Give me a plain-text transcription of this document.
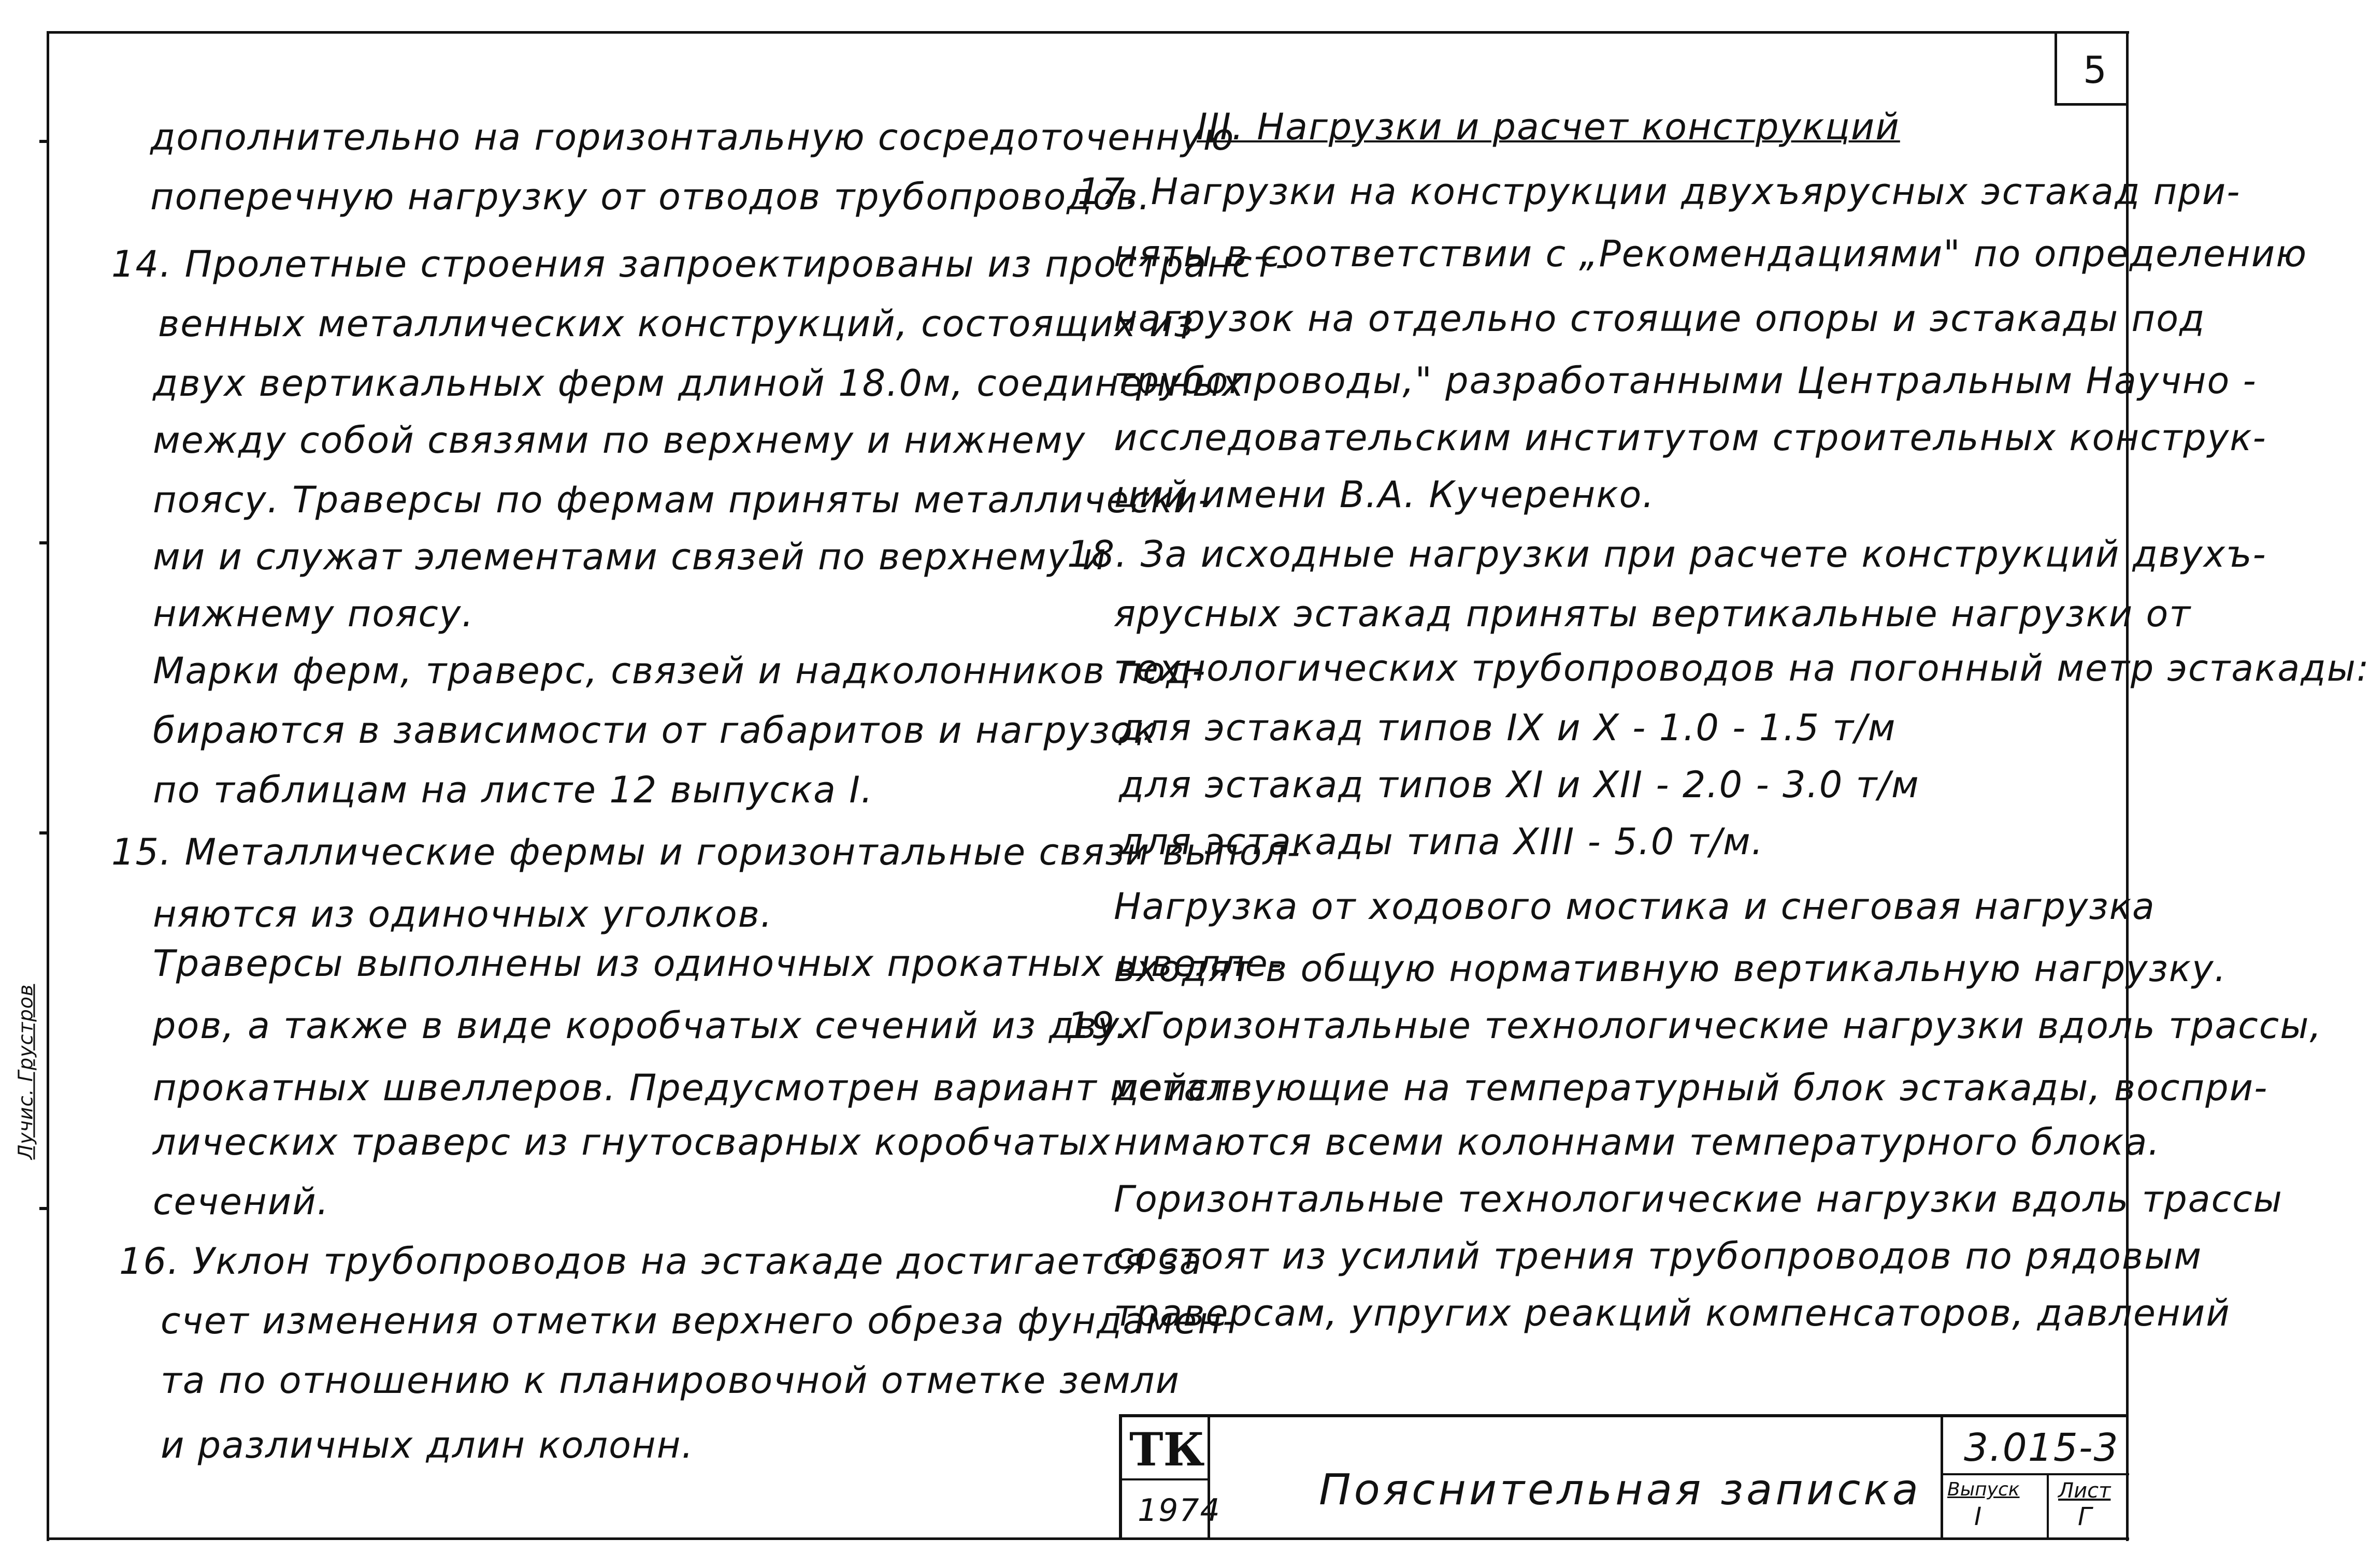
Лучис. Грустров
5
дополнительно на горизонтальную сосредоточенную
поперечную нагрузку от отводов трубопроводов.
14. Пролетные строения запроектированы из пространст-
венных металлических конструкций, состоящих из
двух вертикальных ферм длиной 18.0м, соединенных
между собой связями по верхнему и нижнему
поясу. Траверсы по фермам приняты металлически-
ми и служат элементами связей по верхнему и
нижнему поясу.
Марки ферм, траверс, связей и надколонников под-
бираются в зависимости от габаритов и нагрузок
по таблицам на листе 12 выпуска I.
15. Металлические фермы и горизонтальные связи выпол-
няются из одиночных уголков.
Траверсы выполнены из одиночных прокатных швелле-
ров, а также в виде коробчатых сечений из двух
прокатных швеллеров. Предусмотрен вариант метал-
лических траверс из гнутосварных коробчатых
сечений.
16. Уклон трубопроводов на эстакаде достигается за
счет изменения отметки верхнего обреза фундамен-
та по отношению к планировочной отметке земли
и различных длин колонн.
III. Нагрузки и расчет конструкций
17. Нагрузки на конструкции двухъярусных эстакад при-
няты в соответствии с „Рекомендациями" по определению
нагрузок на отдельно стоящие опоры и эстакады под
трубопроводы," разработанными Центральным Научно -
исследовательским институтом строительных конструк-
ций имени В.А. Кучеренко.
18. За исходные нагрузки при расчете конструкций двухъ-
ярусных эстакад приняты вертикальные нагрузки от
технологических трубопроводов на погонный метр эстакады:
для эстакад типов IX и X - 1.0 - 1.5 т/м
для эстакад типов XI и XII - 2.0 - 3.0 т/м
для эстакады типа XIII - 5.0 т/м.
Нагрузка от ходового мостика и снеговая нагрузка
входят в общую нормативную вертикальную нагрузку.
19. Горизонтальные технологические нагрузки вдоль трассы,
действующие на температурный блок эстакады, воспри-
нимаются всеми колоннами температурного блока.
Горизонтальные технологические нагрузки вдоль трассы
состоят из усилий трения трубопроводов по рядовым
траверсам, упругих реакций компенсаторов, давлений
ТК
1974 Пояснительная записка
3.015-3
Выпуск
I
Лист
Г
